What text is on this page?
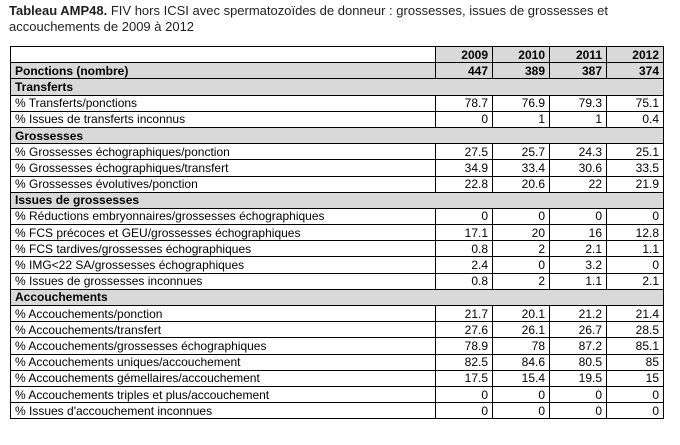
Tableau AMP48. FIV hors ICSI avec spermatozoïdes de donneur : grossesses, issues de grossesses et accouchements de 2009 à 2012
	2009	2010	2011	2012
Ponctions (nombre)	447	389	387	374
Transferts				
% Transferts/ponctions	78.7	76.9	79.3	75.1
% Issues de transferts inconnus	0	1	1	0.4
Grossesses				
% Grossesses échographiques/ponction	27.5	25.7	24.3	25.1
% Grossesses échographiques/transfert	34.9	33.4	30.6	33.5
% Grossesses évolutives/ponction	22.8	20.6	22	21.9
Issues de grossesses				
% Réductions embryonnaires/grossesses échographiques	0	0	0	0
% FCS précoces et GEU/grossesses échographiques	17.1	20	16	12.8
% FCS tardives/grossesses échographiques	0.8	2	2.1	1.1
% IMG<22 SA/grossesses échographiques	2.4	0	3.2	0
% Issues de grossesses inconnues	0.8	2	1.1	2.1
Accouchements				
% Accouchements/ponction	21.7	20.1	21.2	21.4
% Accouchements/transfert	27.6	26.1	26.7	28.5
% Accouchements/grossesses échographiques	78.9	78	87.2	85.1
% Accouchements uniques/accouchement	82.5	84.6	80.5	85
% Accouchements gémellaires/accouchement	17.5	15.4	19.5	15
% Accouchements triples et plus/accouchement	0	0	0	0
% Issues d'accouchement inconnues	0	0	0	0
